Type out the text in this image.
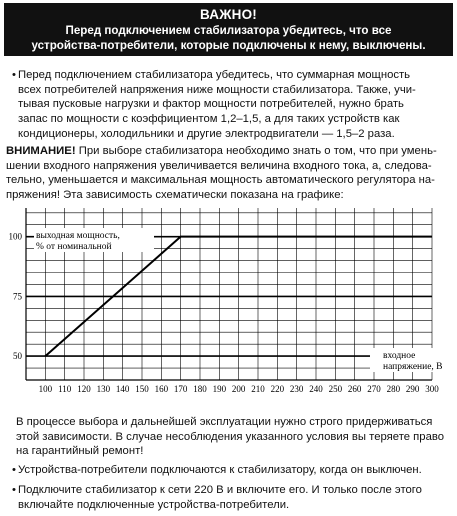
ВАЖНО!
Перед подключением стабилизатора убедитесь, что все
устройства-потребители, которые подключены к нему, выключены.
• Перед подключением стабилизатора убедитесь, что суммарная мощность
всех потребителей напряжения ниже мощности стабилизатора. Также, учи-
тывая пусковые нагрузки и фактор мощности потребителей, нужно брать
запас по мощности с коэффициентом 1,2–1,5, а для таких устройств как
кондиционеры, холодильники и другие электродвигатели — 1,5–2 раза.
ВНИМАНИЕ! При выборе стабилизатора необходимо знать о том, что при умень-
шении входного напряжения увеличивается величина входного тока, а, следова-
тельно, уменьшается и максимальная мощность автоматического регулятора на-
пряжения! Эта зависимость схематически показана на графике:
100 110 120 130 140 150 160 170 180 190 200 210 220 230 240 250 260 270 280 290 300
50
75
100 выходная мощность,
% от номинальной
входное
напряжение, В
В процессе выбора и дальнейшей эксплуатации нужно строго придерживаться
этой зависимости. В случае несоблюдения указанного условия вы теряете право
на гарантийный ремонт!
• Устройства-потребители подключаются к стабилизатору, когда он выключен.
• Подключите стабилизатор к сети 220 В и включите его. И только после этого
включайте подключенные устройства-потребители.
